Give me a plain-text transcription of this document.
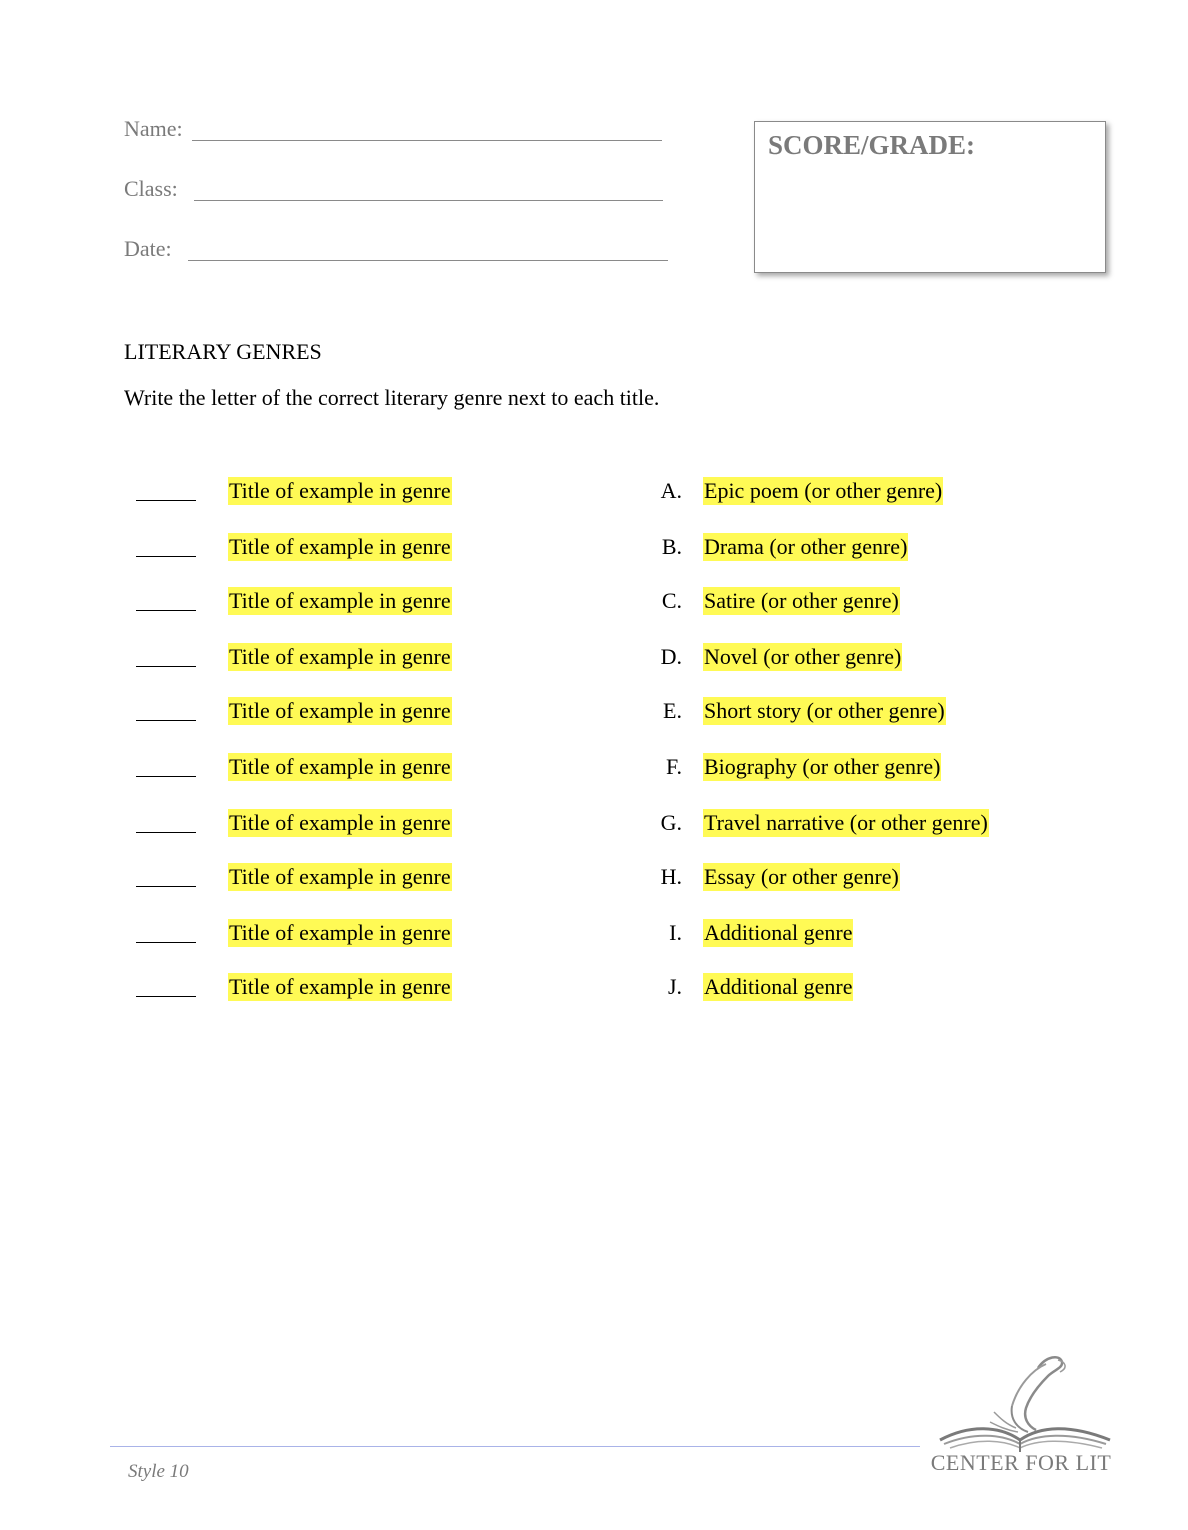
Name:
Class:
Date:
SCORE/GRADE:
LITERARY GENRES
Write the letter of the correct literary genre next to each title.
Title of example in genre	A. Epic poem (or other genre)
Title of example in genre	B. Drama (or other genre)
Title of example in genre	C. Satire (or other genre)
Title of example in genre	D. Novel (or other genre)
Title of example in genre	E. Short story (or other genre)
Title of example in genre	F. Biography (or other genre)
Title of example in genre	G. Travel narrative (or other genre)
Title of example in genre	H. Essay (or other genre)
Title of example in genre	I. Additional genre
Title of example in genre	J. Additional genre
Style 10	CENTER FOR LIT
